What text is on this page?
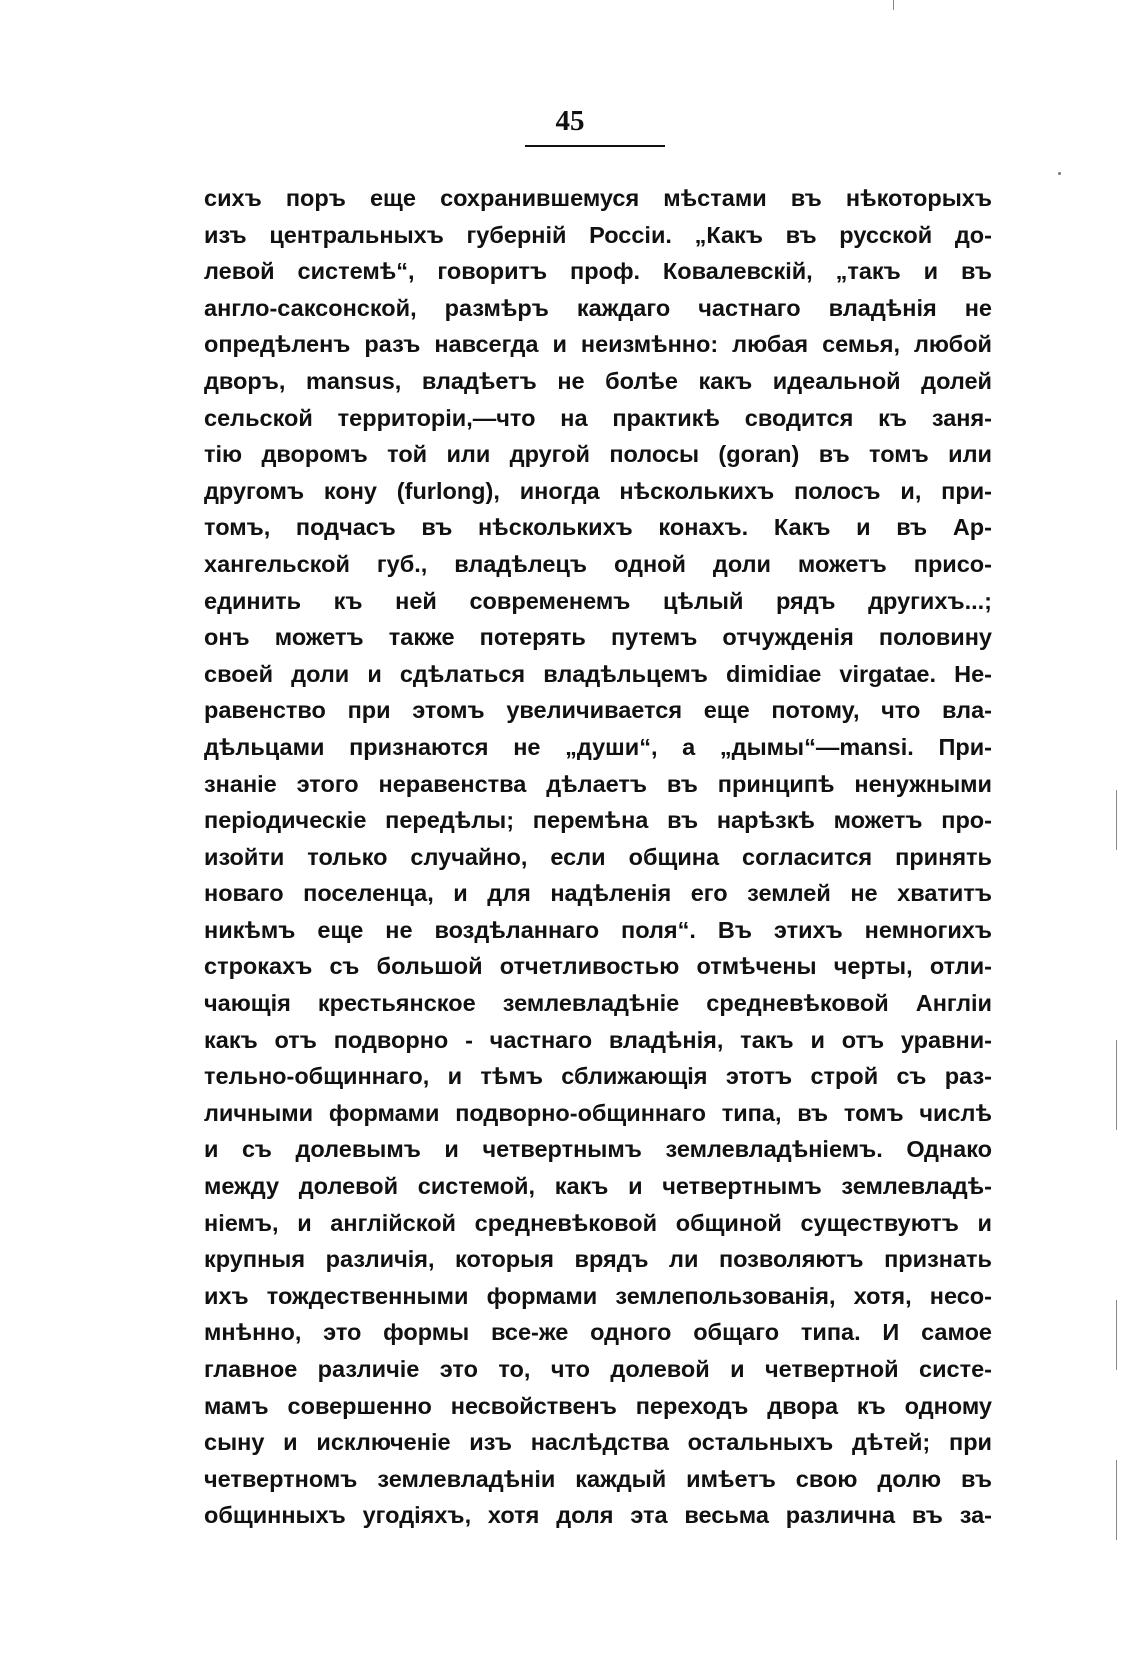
45
сихъ поръ еще сохранившемуся мѣстами въ нѣкоторыхъ
изъ центральныхъ губерній Россіи. „Какъ въ русской до-
левой системѣ“, говоритъ проф. Ковалевскій, „такъ и въ
англо-саксонской, размѣръ каждаго частнаго владѣнія не
опредѣленъ разъ навсегда и неизмѣнно: любая семья, любой
дворъ, mansus, владѣетъ не болѣе какъ идеальной долей
сельской территоріи,—что на практикѣ сводится къ заня-
тію дворомъ той или другой полосы (goran) въ томъ или
другомъ кону (furlong), иногда нѣсколькихъ полосъ и, при-
томъ, подчасъ въ нѣсколькихъ конахъ. Какъ и въ Ар-
хангельской губ., владѣлецъ одной доли можетъ присо-
единить къ ней современемъ цѣлый рядъ другихъ...;
онъ можетъ также потерять путемъ отчужденія половину
своей доли и сдѣлаться владѣльцемъ dimidiae virgatae. Не-
равенство при этомъ увеличивается еще потому, что вла-
дѣльцами признаются не „души“, а „дымы“—mansi. При-
знаніе этого неравенства дѣлаетъ въ принципѣ ненужными
періодическіе передѣлы; перемѣна въ нарѣзкѣ можетъ про-
изойти только случайно, если община согласится принять
новаго поселенца, и для надѣленія его землей не хватитъ
никѣмъ еще не воздѣланнаго поля“. Въ этихъ немногихъ
строкахъ съ большой отчетливостью отмѣчены черты, отли-
чающія крестьянское землевладѣніе средневѣковой Англіи
какъ отъ подворно - частнаго владѣнія, такъ и отъ уравни-
тельно-общиннаго, и тѣмъ сближающія этотъ строй съ раз-
личными формами подворно-общиннаго типа, въ томъ числѣ
и съ долевымъ и четвертнымъ землевладѣніемъ. Однако
между долевой системой, какъ и четвертнымъ землевладѣ-
ніемъ, и англійской средневѣковой общиной существуютъ и
крупныя различія, которыя врядъ ли позволяютъ признать
ихъ тождественными формами землепользованія, хотя, несо-
мнѣнно, это формы все-же одного общаго типа. И самое
главное различіе это то, что долевой и четвертной систе-
мамъ совершенно несвойственъ переходъ двора къ одному
сыну и исключеніе изъ наслѣдства остальныхъ дѣтей; при
четвертномъ землевладѣніи каждый имѣетъ свою долю въ
общинныхъ угодіяхъ, хотя доля эта весьма различна въ за-
